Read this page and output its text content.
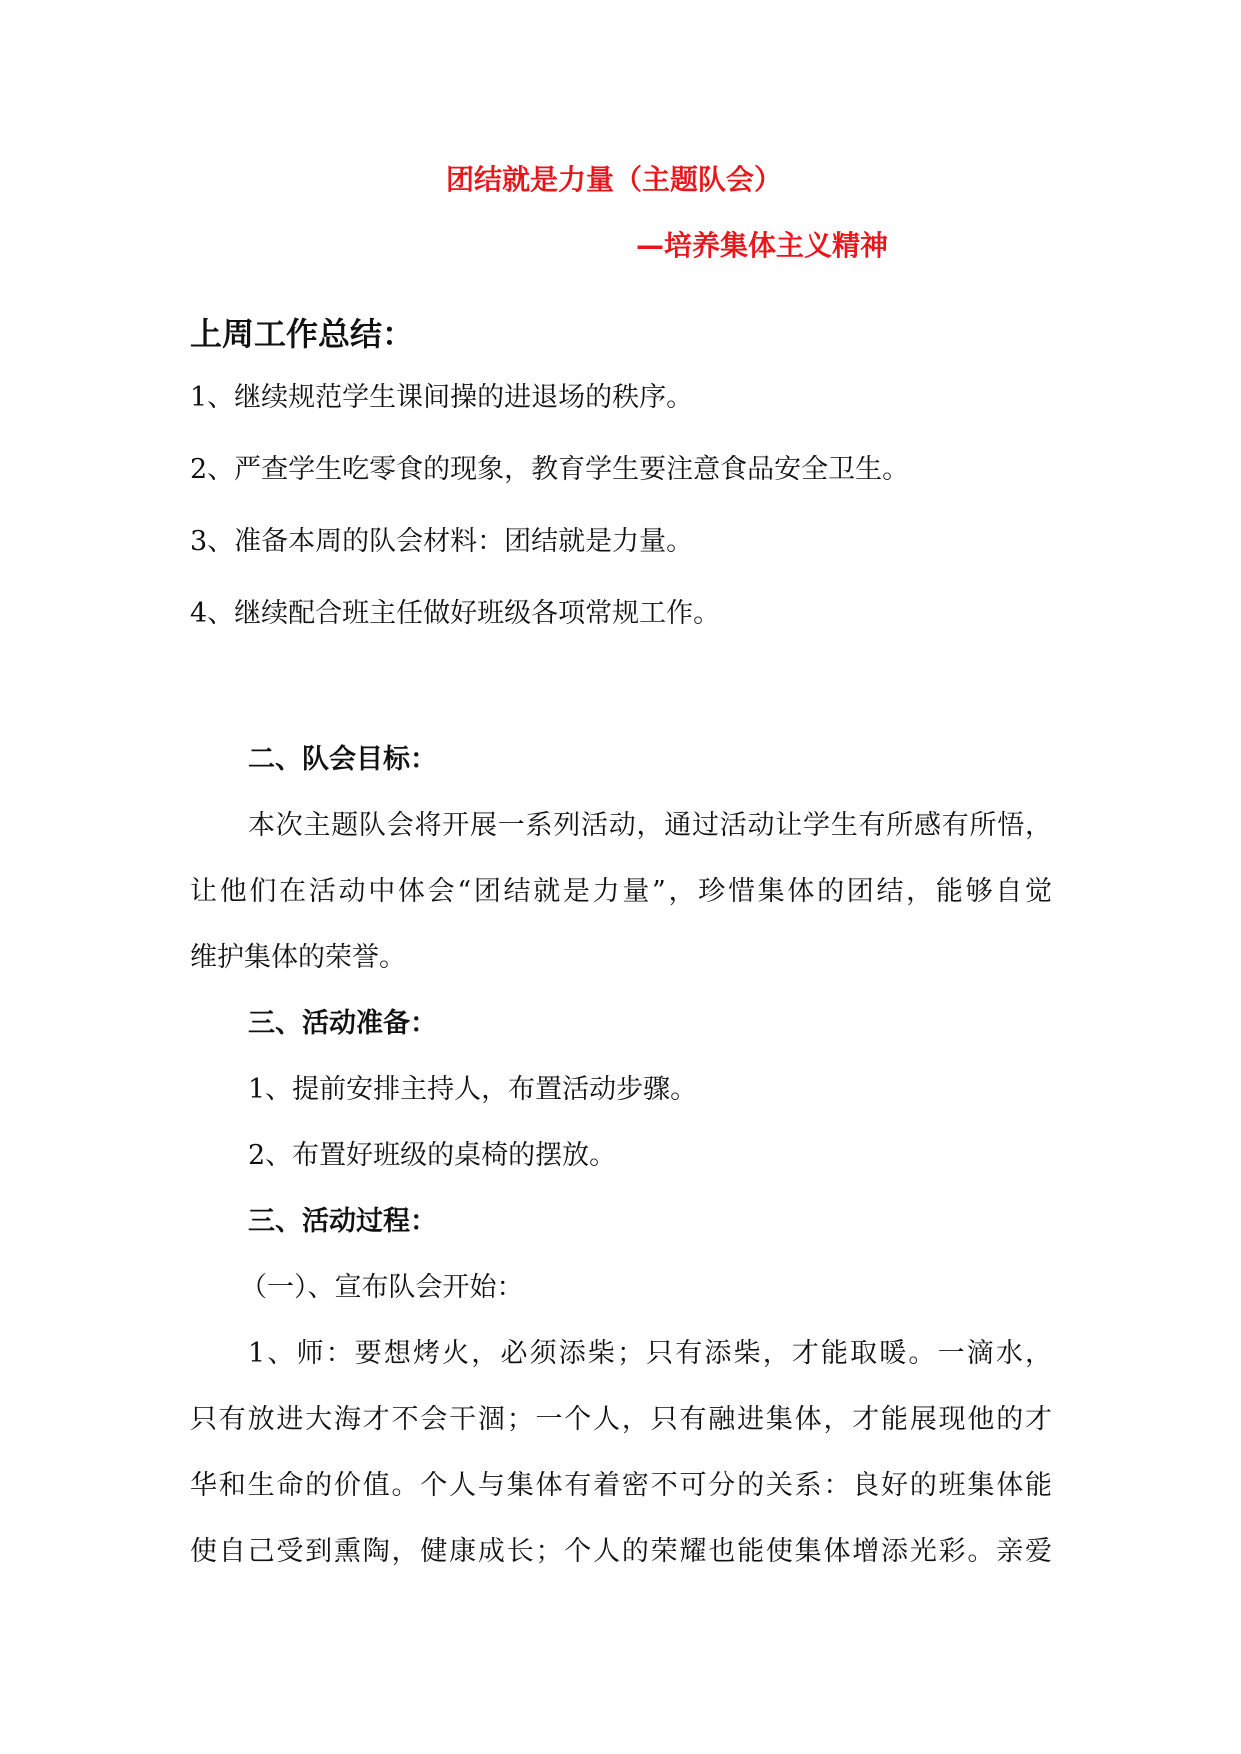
团结就是力量（主题队会）
—培养集体主义精神
上周工作总结：
1、继续规范学生课间操的进退场的秩序。
2、严查学生吃零食的现象，教育学生要注意食品安全卫生。
3、准备本周的队会材料：团结就是力量。
4、继续配合班主任做好班级各项常规工作。
二、队会目标：
本次主题队会将开展一系列活动，通过活动让学生有所感有所悟，
让他们在活动中体会“团结就是力量”，珍惜集体的团结，能够自觉
维护集体的荣誉。
三、活动准备：
1、提前安排主持人，布置活动步骤。
2、布置好班级的桌椅的摆放。
三、活动过程：
（一）、宣布队会开始：
1、师：要想烤火，必须添柴；只有添柴，才能取暖。一滴水，
只有放进大海才不会干涸；一个人，只有融进集体，才能展现他的才
华和生命的价值。个人与集体有着密不可分的关系：良好的班集体能
使自己受到熏陶，健康成长；个人的荣耀也能使集体增添光彩。亲爱
